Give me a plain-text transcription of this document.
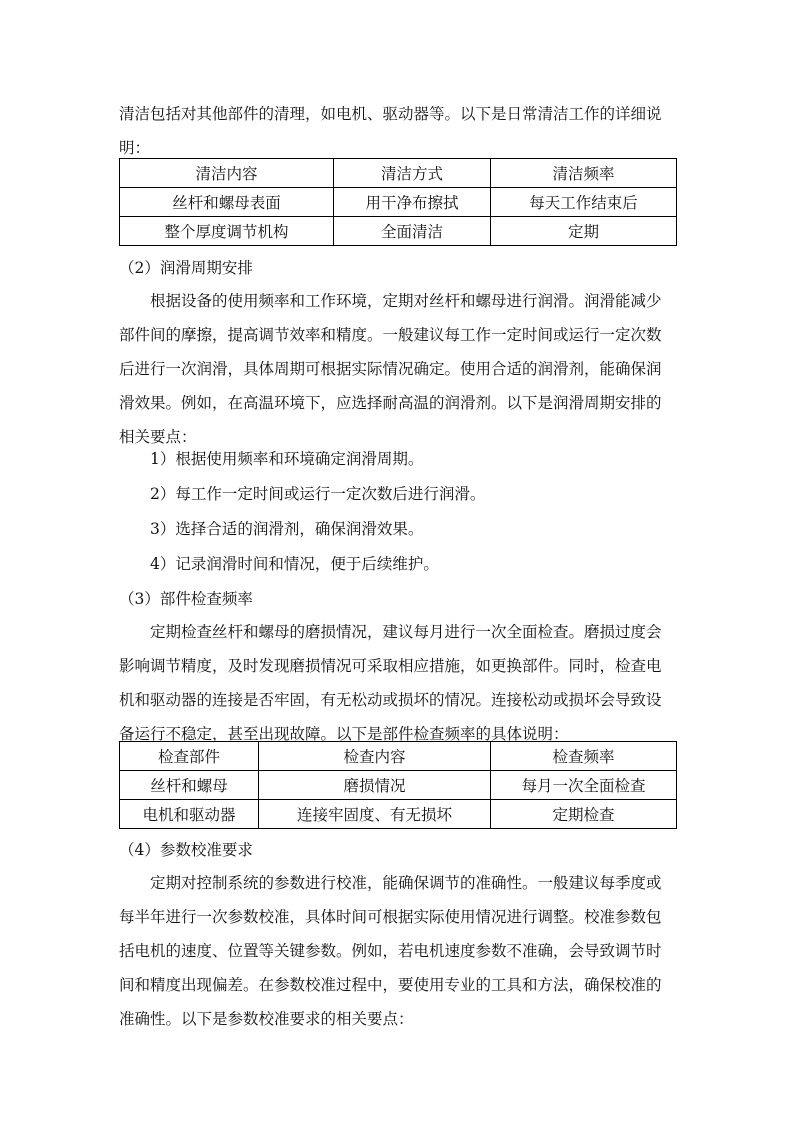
清洁包括对其他部件的清理，如电机、驱动器等。以下是日常清洁工作的详细说明：

清洁内容	清洁方式	清洁频率
丝杆和螺母表面	用干净布擦拭	每天工作结束后
整个厚度调节机构	全面清洁	定期

（2）润滑周期安排

根据设备的使用频率和工作环境，定期对丝杆和螺母进行润滑。润滑能减少部件间的摩擦，提高调节效率和精度。一般建议每工作一定时间或运行一定次数后进行一次润滑，具体周期可根据实际情况确定。使用合适的润滑剂，能确保润滑效果。例如，在高温环境下，应选择耐高温的润滑剂。以下是润滑周期安排的相关要点：

1）根据使用频率和环境确定润滑周期。

2）每工作一定时间或运行一定次数后进行润滑。

3）选择合适的润滑剂，确保润滑效果。

4）记录润滑时间和情况，便于后续维护。

（3）部件检查频率

定期检查丝杆和螺母的磨损情况，建议每月进行一次全面检查。磨损过度会影响调节精度，及时发现磨损情况可采取相应措施，如更换部件。同时，检查电机和驱动器的连接是否牢固，有无松动或损坏的情况。连接松动或损坏会导致设备运行不稳定，甚至出现故障。以下是部件检查频率的具体说明：

检查部件	检查内容	检查频率
丝杆和螺母	磨损情况	每月一次全面检查
电机和驱动器	连接牢固度、有无损坏	定期检查

（4）参数校准要求

定期对控制系统的参数进行校准，能确保调节的准确性。一般建议每季度或每半年进行一次参数校准，具体时间可根据实际使用情况进行调整。校准参数包括电机的速度、位置等关键参数。例如，若电机速度参数不准确，会导致调节时间和精度出现偏差。在参数校准过程中，要使用专业的工具和方法，确保校准的准确性。以下是参数校准要求的相关要点：
